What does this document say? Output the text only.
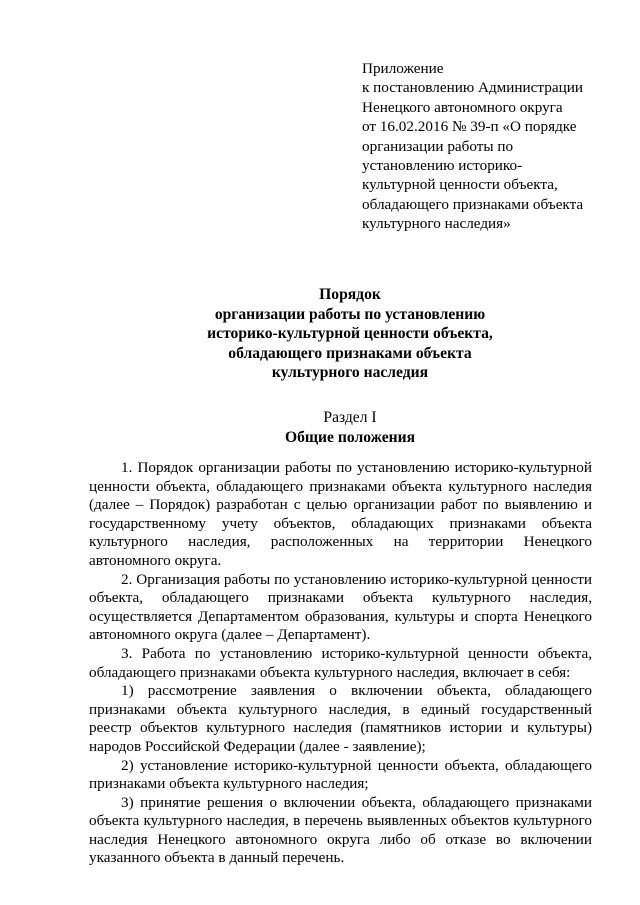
Приложение
к постановлению Администрации
Ненецкого автономного округа
от 16.02.2016 № 39-п «О порядке
организации работы по
установлению историко-
культурной ценности объекта,
обладающего признаками объекта
культурного наследия»
Порядок
организации работы по установлению
историко-культурной ценности объекта,
обладающего признаками объекта
культурного наследия
Раздел I
Общие положения
1. Порядок организации работы по установлению историко-культурной ценности объекта, обладающего признаками объекта культурного наследия (далее – Порядок) разработан с целью организации работ по выявлению и государственному учету объектов, обладающих признаками объекта культурного наследия, расположенных на территории Ненецкого автономного округа.
2. Организация работы по установлению историко-культурной ценности объекта, обладающего признаками объекта культурного наследия, осуществляется Департаментом образования, культуры и спорта Ненецкого автономного округа (далее – Департамент).
3. Работа по установлению историко-культурной ценности объекта, обладающего признаками объекта культурного наследия, включает в себя:
1) рассмотрение заявления о включении объекта, обладающего признаками объекта культурного наследия, в единый государственный реестр объектов культурного наследия (памятников истории и культуры) народов Российской Федерации (далее - заявление);
2) установление историко-культурной ценности объекта, обладающего признаками объекта культурного наследия;
3) принятие решения о включении объекта, обладающего признаками объекта культурного наследия, в перечень выявленных объектов культурного наследия Ненецкого автономного округа либо об отказе во включении указанного объекта в данный перечень.
